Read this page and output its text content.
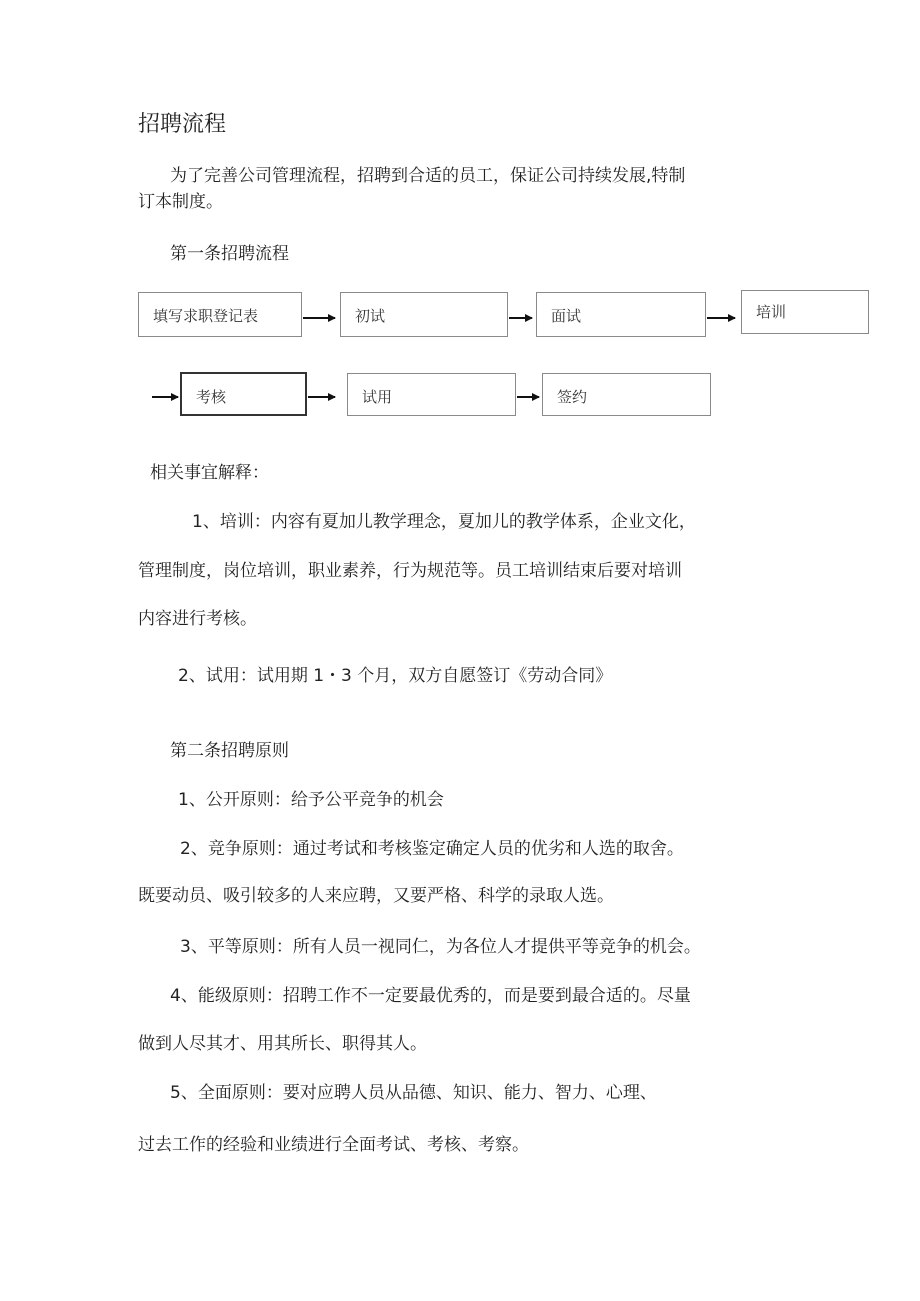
招聘流程
为了完善公司管理流程，招聘到合适的员工，保证公司持续发展,特制
订本制度。
第一条招聘流程
填写求职登记表	初试	面试	培训
考核	试用	签约
相关事宜解释：
1、培训：内容有夏加儿教学理念，夏加儿的教学体系，企业文化，
管理制度，岗位培训，职业素养，行为规范等。员工培训结束后要对培训
内容进行考核。
2、试用：试用期 1・3 个月，双方自愿签订《劳动合同》
第二条招聘原则
1、公开原则：给予公平竞争的机会
2、竞争原则：通过考试和考核鉴定确定人员的优劣和人选的取舍。
既要动员、吸引较多的人来应聘，又要严格、科学的录取人选。
3、平等原则：所有人员一视同仁，为各位人才提供平等竞争的机会。
4、能级原则：招聘工作不一定要最优秀的，而是要到最合适的。尽量
做到人尽其才、用其所长、职得其人。
5、全面原则：要对应聘人员从品德、知识、能力、智力、心理、
过去工作的经验和业绩进行全面考试、考核、考察。
